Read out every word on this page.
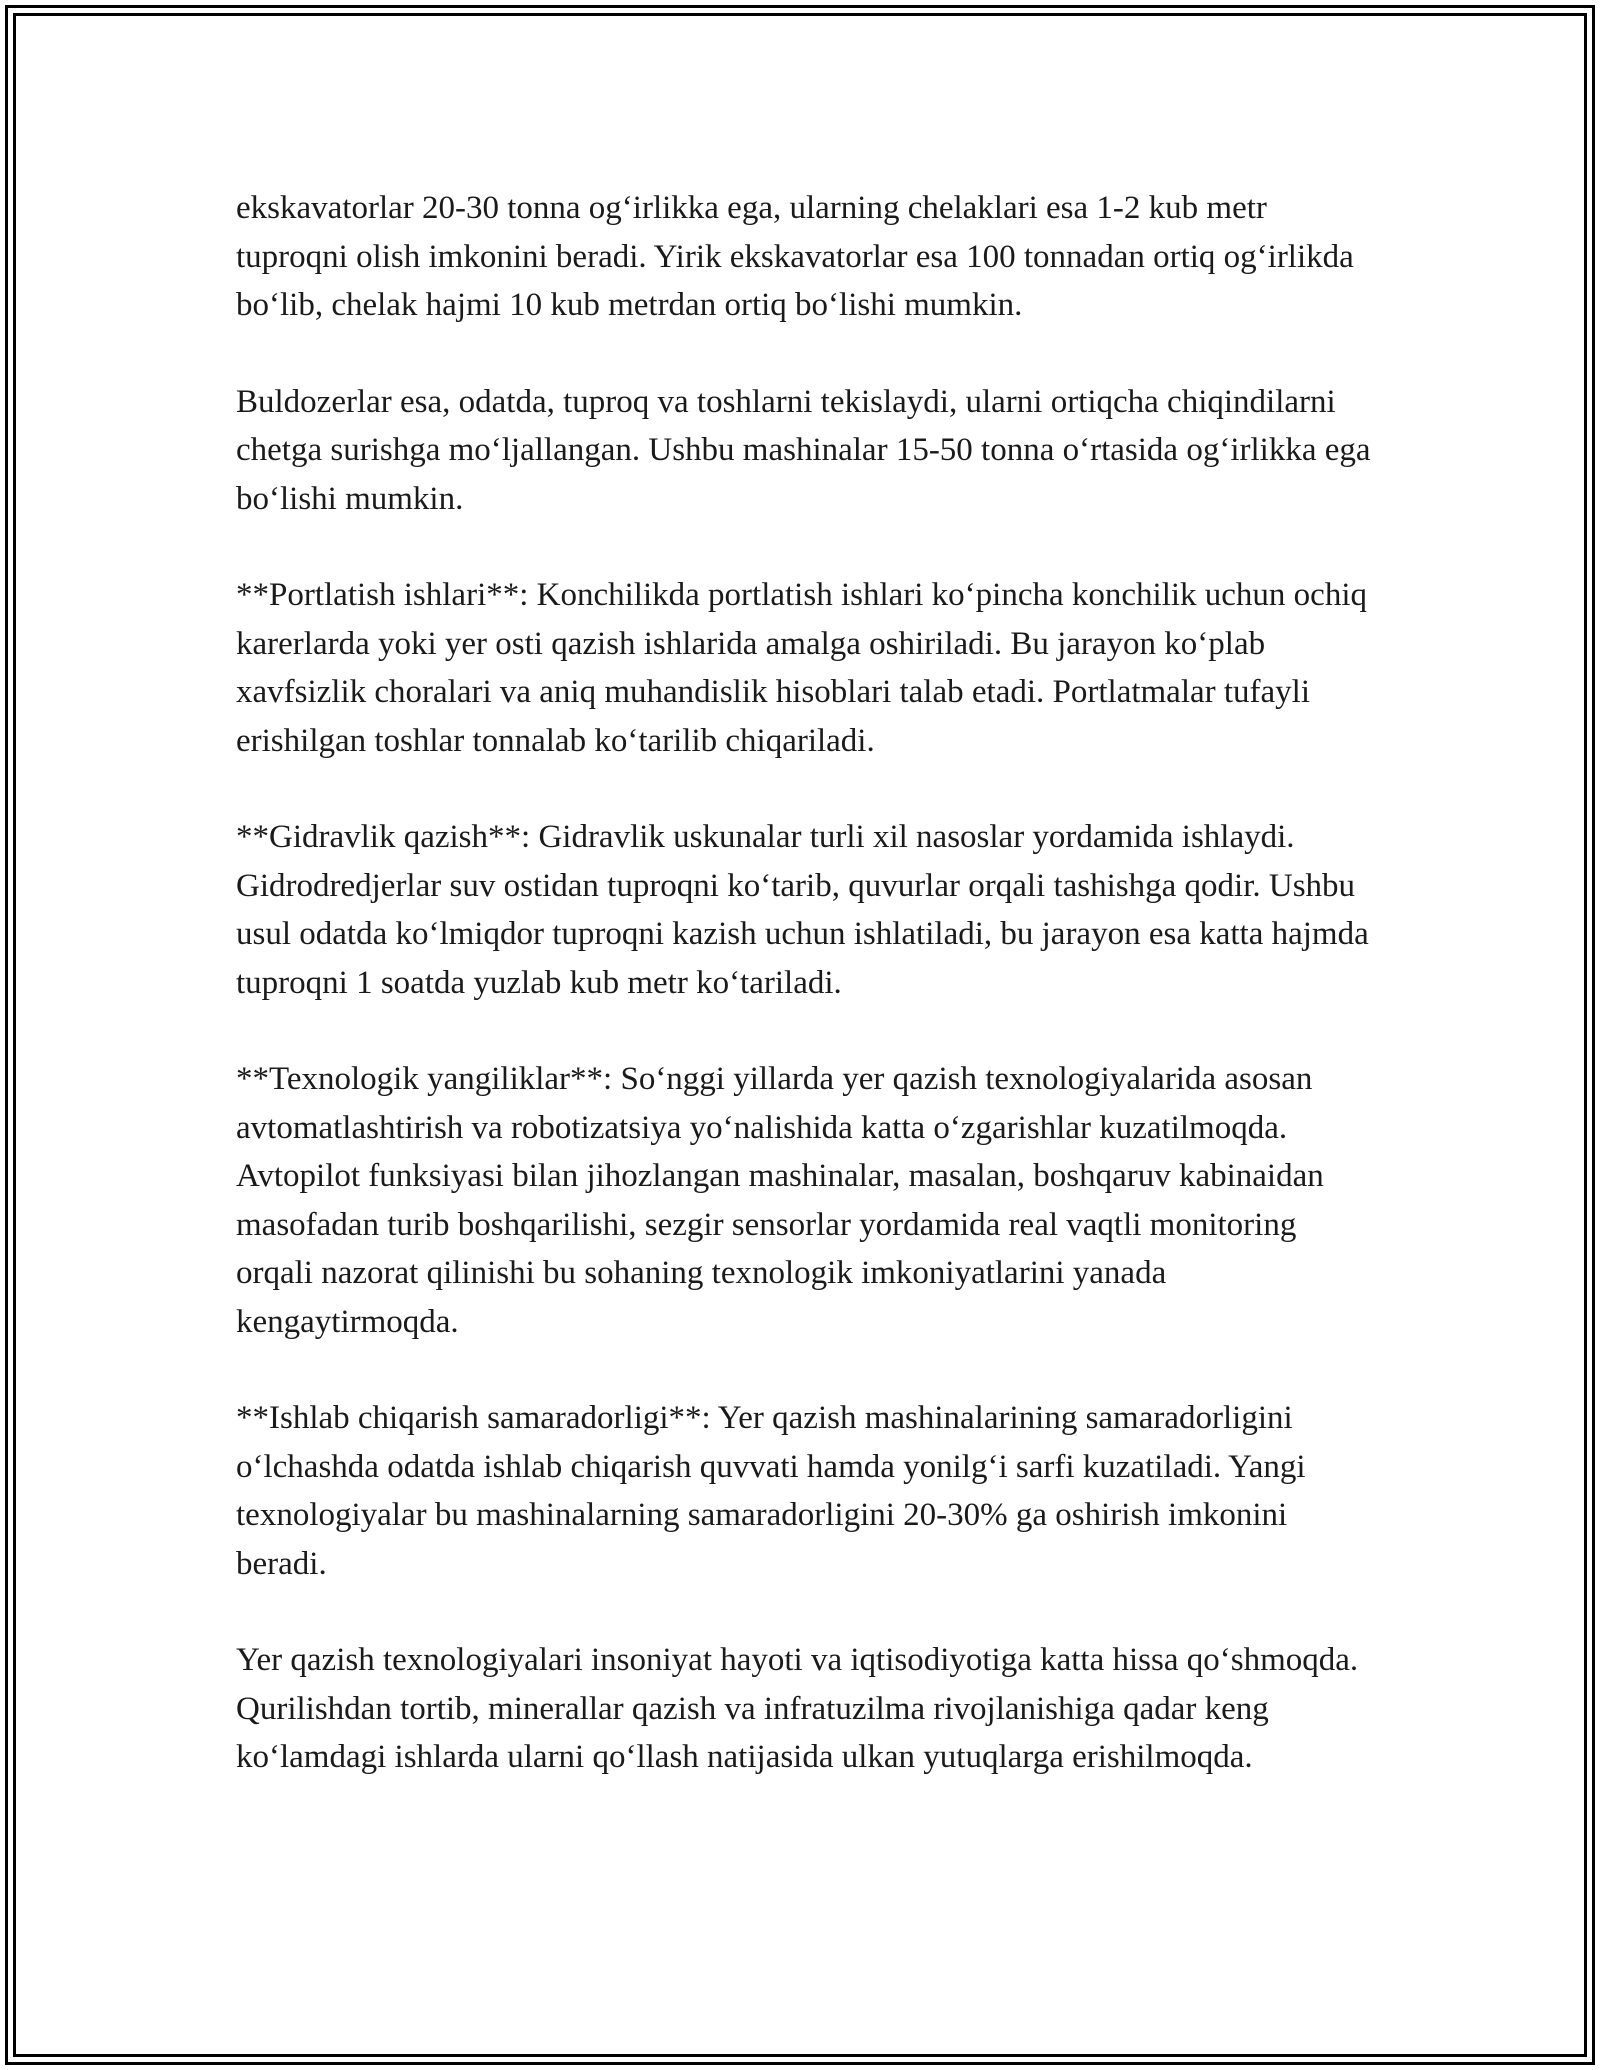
ekskavatorlar 20-30 tonna og‘irlikka ega, ularning chelaklari esa 1-2 kub metr tuproqni olish imkonini beradi. Yirik ekskavatorlar esa 100 tonnadan ortiq og‘irlikda bo‘lib, chelak hajmi 10 kub metrdan ortiq bo‘lishi mumkin.

Buldozerlar esa, odatda, tuproq va toshlarni tekislaydi, ularni ortiqcha chiqindilarni chetga surishga mo‘ljallangan. Ushbu mashinalar 15-50 tonna o‘rtasida og‘irlikka ega bo‘lishi mumkin.

**Portlatish ishlari**: Konchilikda portlatish ishlari ko‘pincha konchilik uchun ochiq karerlarda yoki yer osti qazish ishlarida amalga oshiriladi. Bu jarayon ko‘plab xavfsizlik choralari va aniq muhandislik hisoblari talab etadi. Portlatmalar tufayli erishilgan toshlar tonnalab ko‘tarilib chiqariladi.

**Gidravlik qazish**: Gidravlik uskunalar turli xil nasoslar yordamida ishlaydi. Gidrodredjerlar suv ostidan tuproqni ko‘tarib, quvurlar orqali tashishga qodir. Ushbu usul odatda ko‘lmiqdor tuproqni kazish uchun ishlatiladi, bu jarayon esa katta hajmda tuproqni 1 soatda yuzlab kub metr ko‘tariladi.

**Texnologik yangiliklar**: So‘nggi yillarda yer qazish texnologiyalarida asosan avtomatlashtirish va robotizatsiya yo‘nalishida katta o‘zgarishlar kuzatilmoqda. Avtopilot funksiyasi bilan jihozlangan mashinalar, masalan, boshqaruv kabinaidan masofadan turib boshqarilishi, sezgir sensorlar yordamida real vaqtli monitoring orqali nazorat qilinishi bu sohaning texnologik imkoniyatlarini yanada kengaytirmoqda.

**Ishlab chiqarish samaradorligi**: Yer qazish mashinalarining samaradorligini o‘lchashda odatda ishlab chiqarish quvvati hamda yonilg‘i sarfi kuzatiladi. Yangi texnologiyalar bu mashinalarning samaradorligini 20-30% ga oshirish imkonini beradi.

Yer qazish texnologiyalari insoniyat hayoti va iqtisodiyotiga katta hissa qo‘shmoqda. Qurilishdan tortib, minerallar qazish va infratuzilma rivojlanishiga qadar keng ko‘lamdagi ishlarda ularni qo‘llash natijasida ulkan yutuqlarga erishilmoqda.
